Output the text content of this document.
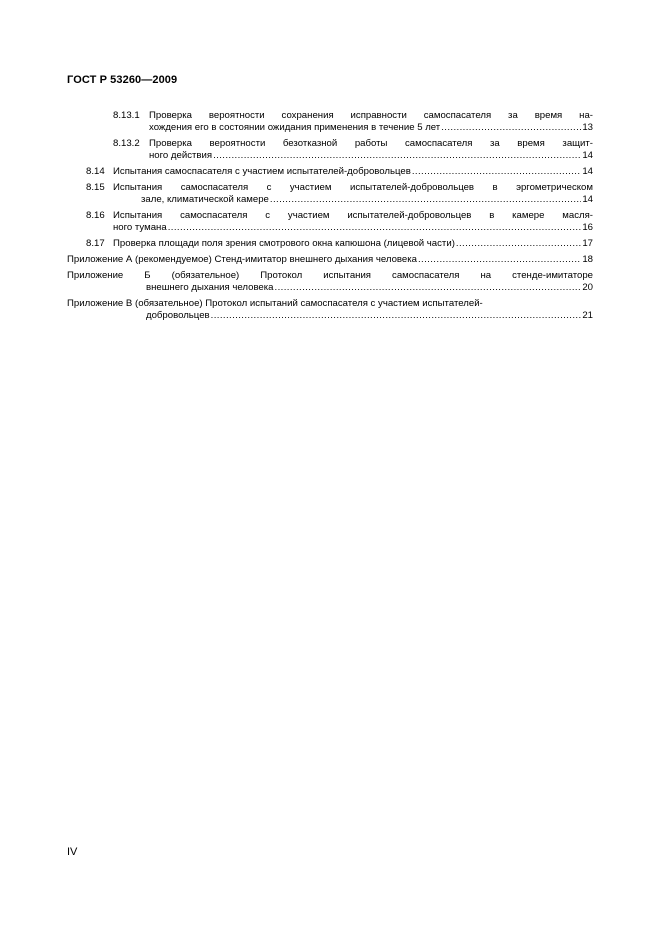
ГОСТ Р 53260—2009
8.13.1 Проверка вероятности сохранения исправности самоспасателя за время на-
хождения его в состоянии ожидания применения в течение 5 лет .....	13
8.13.2 Проверка вероятности безотказной работы самоспасателя за время защит-
ного действия .....	14
8.14 Испытания самоспасателя с участием испытателей-добровольцев .....	14
8.15 Испытания самоспасателя с участием испытателей-добровольцев в эргометрическом
зале, климатической камере .....	14
8.16 Испытания самоспасателя с участием испытателей-добровольцев в камере масля-
ного тумана .....	16
8.17 Проверка площади поля зрения смотрового окна капюшона (лицевой части) .....	17
Приложение А (рекомендуемое) Стенд-имитатор внешнего дыхания человека .....	18
Приложение Б (обязательное) Протокол испытания самоспасателя на стенде-имитаторе
внешнего дыхания человека .....	20
Приложение В (обязательное) Протокол испытаний самоспасателя с участием испытателей-
добровольцев .....	21
IV
